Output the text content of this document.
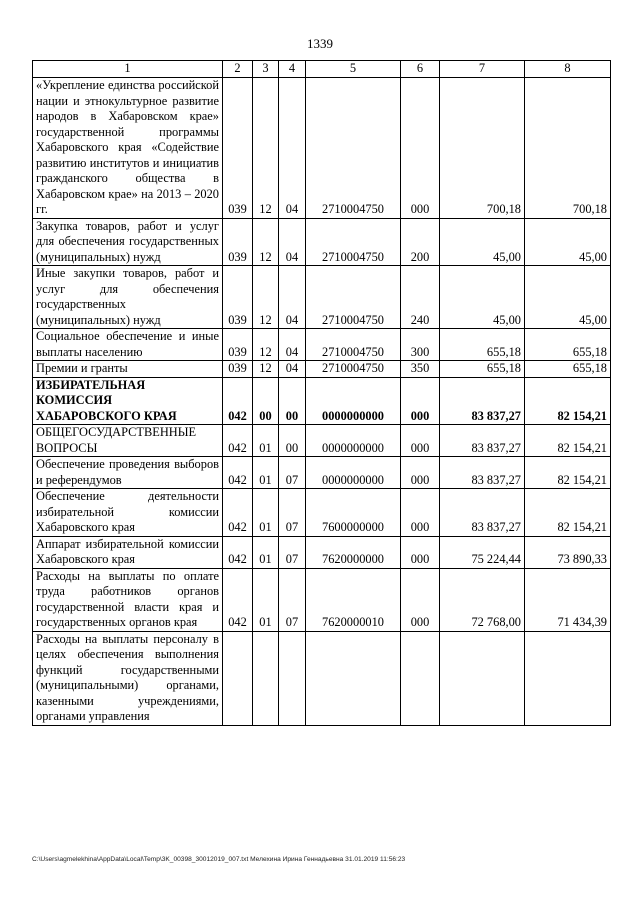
1339
1	2	3	4	5	6	7	8
«Укрепление единства российской нации и этнокультурное развитие народов в Хабаровском крае» государственной программы Хабаровского края «Содействие развитию институтов и инициатив гражданского общества в Хабаровском крае» на 2013 – 2020 гг.	039	12	04	2710004750	000	700,18	700,18
Закупка товаров, работ и услуг для обеспечения государственных (муниципальных) нужд	039	12	04	2710004750	200	45,00	45,00
Иные закупки товаров, работ и услуг для обеспечения государственных (муниципальных) нужд	039	12	04	2710004750	240	45,00	45,00
Социальное обеспечение и иные выплаты населению	039	12	04	2710004750	300	655,18	655,18
Премии и гранты	039	12	04	2710004750	350	655,18	655,18
ИЗБИРАТЕЛЬНАЯ КОМИССИЯ ХАБАРОВСКОГО КРАЯ	042	00	00	0000000000	000	83 837,27	82 154,21
ОБЩЕГОСУДАРСТВЕННЫЕ ВОПРОСЫ	042	01	00	0000000000	000	83 837,27	82 154,21
Обеспечение проведения выборов и референдумов	042	01	07	0000000000	000	83 837,27	82 154,21
Обеспечение деятельности избирательной комиссии Хабаровского края	042	01	07	7600000000	000	83 837,27	82 154,21
Аппарат избирательной комиссии Хабаровского края	042	01	07	7620000000	000	75 224,44	73 890,33
Расходы на выплаты по оплате труда работников органов государственной власти края и государственных органов края	042	01	07	7620000010	000	72 768,00	71 434,39
Расходы на выплаты персоналу в целях обеспечения выполнения функций государственными (муниципальными) органами, казенными учреждениями, органами управления							
C:\Users\agmelekhina\AppData\Local\Temp\3K_00398_30012019_007.txt Мелехина Ирина Геннадьевна 31.01.2019 11:56:23
